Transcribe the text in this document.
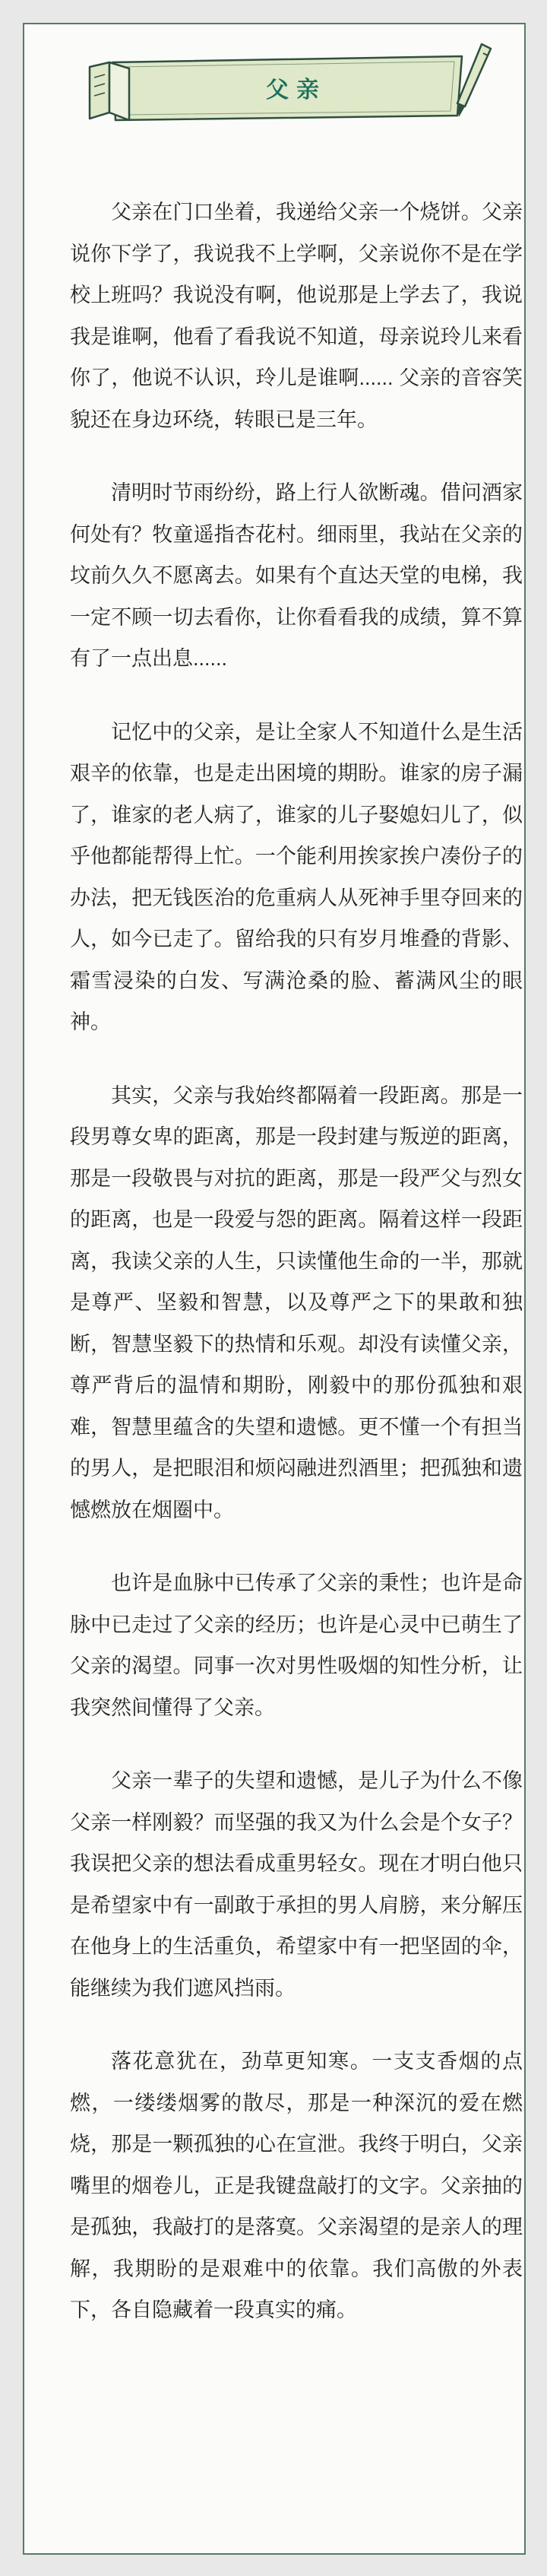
父亲

父亲在门口坐着，我递给父亲一个烧饼。父亲说你下学了，我说我不上学啊，父亲说你不是在学校上班吗？我说没有啊，他说那是上学去了，我说我是谁啊，他看了看我说不知道，母亲说玲儿来看你了，他说不认识，玲儿是谁啊...... 父亲的音容笑貌还在身边环绕，转眼已是三年。

清明时节雨纷纷，路上行人欲断魂。借问酒家何处有？牧童遥指杏花村。细雨里，我站在父亲的坟前久久不愿离去。如果有个直达天堂的电梯，我一定不顾一切去看你，让你看看我的成绩，算不算有了一点出息......

记忆中的父亲，是让全家人不知道什么是生活艰辛的依靠，也是走出困境的期盼。谁家的房子漏了，谁家的老人病了，谁家的儿子娶媳妇儿了，似乎他都能帮得上忙。一个能利用挨家挨户凑份子的办法，把无钱医治的危重病人从死神手里夺回来的人，如今已走了。留给我的只有岁月堆叠的背影、霜雪浸染的白发、写满沧桑的脸、蓄满风尘的眼神。

其实，父亲与我始终都隔着一段距离。那是一段男尊女卑的距离，那是一段封建与叛逆的距离，那是一段敬畏与对抗的距离，那是一段严父与烈女的距离，也是一段爱与怨的距离。隔着这样一段距离，我读父亲的人生，只读懂他生命的一半，那就是尊严、坚毅和智慧，以及尊严之下的果敢和独断，智慧坚毅下的热情和乐观。却没有读懂父亲，尊严背后的温情和期盼，刚毅中的那份孤独和艰难，智慧里蕴含的失望和遗憾。更不懂一个有担当的男人，是把眼泪和烦闷融进烈酒里；把孤独和遗憾燃放在烟圈中。

也许是血脉中已传承了父亲的秉性；也许是命脉中已走过了父亲的经历；也许是心灵中已萌生了父亲的渴望。同事一次对男性吸烟的知性分析，让我突然间懂得了父亲。

父亲一辈子的失望和遗憾，是儿子为什么不像父亲一样刚毅？而坚强的我又为什么会是个女子？我误把父亲的想法看成重男轻女。现在才明白他只是希望家中有一副敢于承担的男人肩膀，来分解压在他身上的生活重负，希望家中有一把坚固的伞，能继续为我们遮风挡雨。

落花意犹在，劲草更知寒。一支支香烟的点燃，一缕缕烟雾的散尽，那是一种深沉的爱在燃烧，那是一颗孤独的心在宣泄。我终于明白，父亲嘴里的烟卷儿，正是我键盘敲打的文字。父亲抽的是孤独，我敲打的是落寞。父亲渴望的是亲人的理解，我期盼的是艰难中的依靠。我们高傲的外表下，各自隐藏着一段真实的痛。
